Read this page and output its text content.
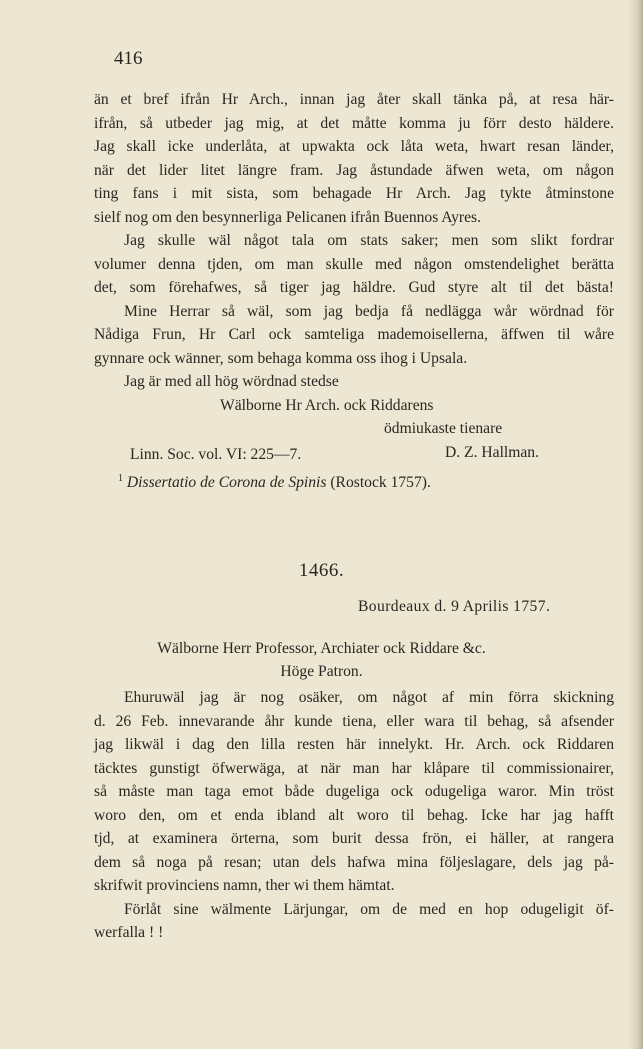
416
än et bref ifrån Hr Arch., innan jag åter skall tänka på, at resa här-
ifrån, så utbeder jag mig, at det måtte komma ju förr desto häldere.
Jag skall icke underlåta, at upwakta ock låta weta, hwart resan länder,
när det lider litet längre fram. Jag åstundade äfwen weta, om någon
ting fans i mit sista, som behagade Hr Arch. Jag tykte åtminstone
sielf nog om den besynnerliga Pelicanen ifrån Buennos Ayres.
Jag skulle wäl något tala om stats saker; men som slikt fordrar
volumer denna tjden, om man skulle med någon omstendelighet berätta
det, som förehafwes, så tiger jag häldre. Gud styre alt til det bästa!
Mine Herrar så wäl, som jag bedja få nedlägga wår wördnad för
Nådiga Frun, Hr Carl ock samteliga mademoisellerna, äffwen til wåre
gynnare ock wänner, som behaga komma oss ihog i Upsala.
Jag är med all hög wördnad stedse
Wälborne Hr Arch. ock Riddarens
ödmiukaste tienare
D. Z. Hallman.
Linn. Soc. vol. VI: 225—7.
$^1$ Dissertatio de Corona de Spinis (Rostock 1757).
1466.
Bourdeaux d. 9 Aprilis 1757.
Wälborne Herr Professor, Archiater ock Riddare &c.
Höge Patron.
Ehuruwäl jag är nog osäker, om något af min förra skickning
d. 26 Feb. innevarande åhr kunde tiena, eller wara til behag, så afsender
jag likwäl i dag den lilla resten här innelykt. Hr. Arch. ock Riddaren
täcktes gunstigt öfwerwäga, at när man har klåpare til commissionairer,
så måste man taga emot både dugeliga ock odugeliga waror. Min tröst
woro den, om et enda ibland alt woro til behag. Icke har jag hafft
tjd, at examinera örterna, som burit dessa frön, ei häller, at rangera
dem så noga på resan; utan dels hafwa mina följeslagare, dels jag på-
skrifwit provinciens namn, ther wi them hämtat.
Förlåt sine wälmente Lärjungar, om de med en hop odugeligit öf-
werfalla ! !
